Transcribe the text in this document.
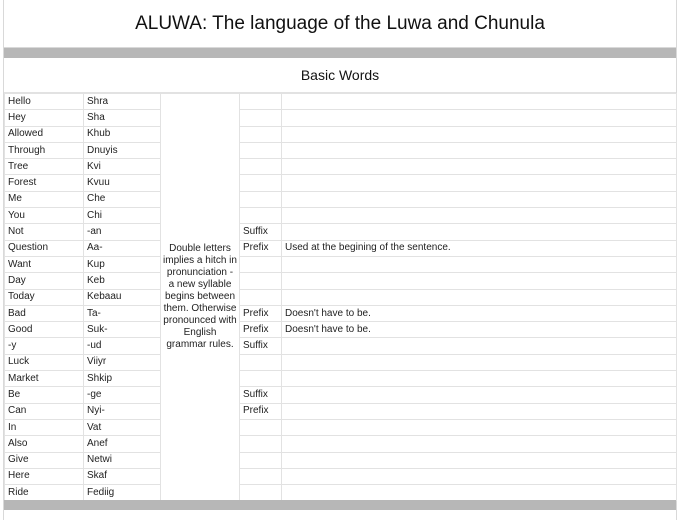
ALUWA: The language of the Luwa and Chunula
Basic Words
Hello	Shra	Double letters implies a hitch in pronunciation - a new syllable begins between them. Otherwise pronounced with English grammar rules.		
Hey	Sha			
Allowed	Khub			
Through	Dnuyis			
Tree	Kvi			
Forest	Kvuu			
Me	Che			
You	Chi			
Not	-an		Suffix	
Question	Aa-		Prefix	Used at the begining of the sentence.
Want	Kup			
Day	Keb			
Today	Kebaau			
Bad	Ta-		Prefix	Doesn't have to be.
Good	Suk-		Prefix	Doesn't have to be.
-y	-ud		Suffix	
Luck	Viiyr			
Market	Shkip			
Be	-ge		Suffix	
Can	Nyi-		Prefix	
In	Vat			
Also	Anef			
Give	Netwi			
Here	Skaf			
Ride	Fediig			
